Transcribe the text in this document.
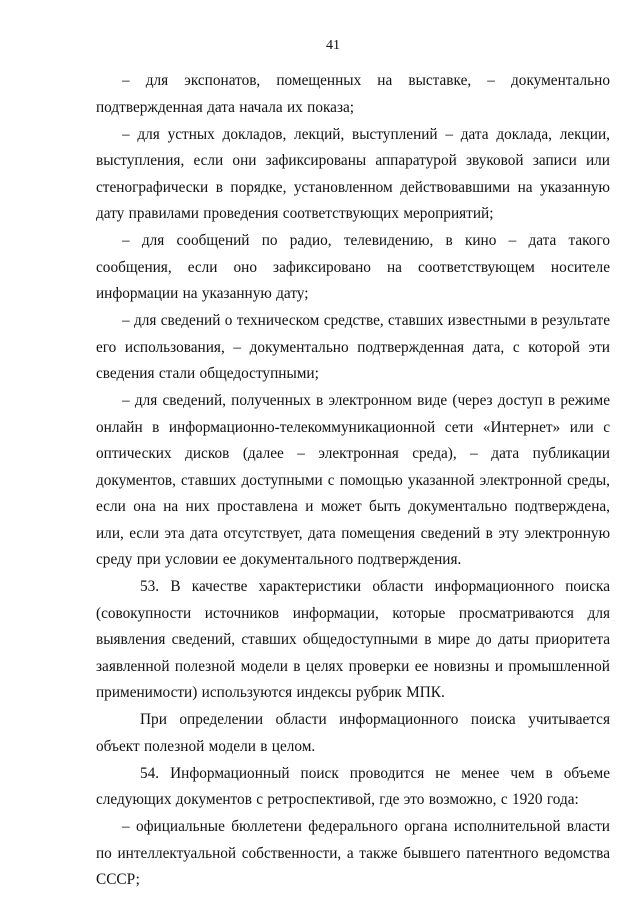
41

– для экспонатов, помещенных на выставке, – документально подтвержденная дата начала их показа;

– для устных докладов, лекций, выступлений – дата доклада, лекции, выступления, если они зафиксированы аппаратурой звуковой записи или стенографически в порядке, установленном действовавшими на указанную дату правилами проведения соответствующих мероприятий;

– для сообщений по радио, телевидению, в кино – дата такого сообщения, если оно зафиксировано на соответствующем носителе информации на указанную дату;

– для сведений о техническом средстве, ставших известными в результате его использования, – документально подтвержденная дата, с которой эти сведения стали общедоступными;

– для сведений, полученных в электронном виде (через доступ в режиме онлайн в информационно-телекоммуникационной сети «Интернет» или с оптических дисков (далее – электронная среда), – дата публикации документов, ставших доступными с помощью указанной электронной среды, если она на них проставлена и может быть документально подтверждена, или, если эта дата отсутствует, дата помещения сведений в эту электронную среду при условии ее документального подтверждения.

53. В качестве характеристики области информационного поиска (совокупности источников информации, которые просматриваются для выявления сведений, ставших общедоступными в мире до даты приоритета заявленной полезной модели в целях проверки ее новизны и промышленной применимости) используются индексы рубрик МПК.

При определении области информационного поиска учитывается объект полезной модели в целом.

54. Информационный поиск проводится не менее чем в объеме следующих документов с ретроспективой, где это возможно, с 1920 года:

– официальные бюллетени федерального органа исполнительной власти по интеллектуальной собственности, а также бывшего патентного ведомства СССР;
